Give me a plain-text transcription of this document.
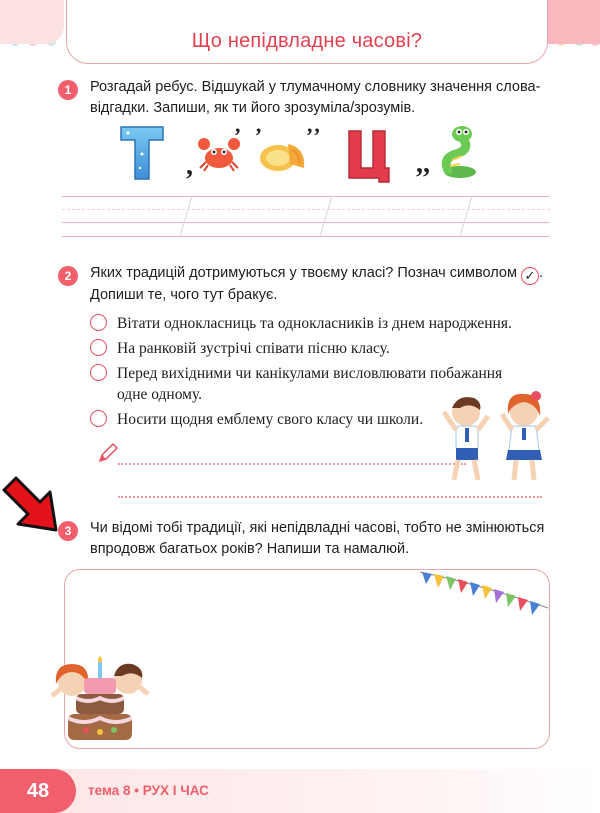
Що непідвладне часові?
1	Розгадай ребус. Відшукай у тлумачному словнику значення слова-
відгадки. Запиши, як ти його зрозуміла/зрозумів.
,
‚ ‚ ‚‚
,,
2	Яких традицій дотримуються у твоєму класі? Познач символом ✓ .
Допиши те, чого тут бракує.
Вітати однокласниць та однокласників із днем народження.
На ранковій зустрічі співати пісню класу.
Перед вихідними чи канікулами висловлювати побажання
одне одному.
Носити щодня емблему свого класу чи школи.
3	Чи відомі тобі традиції, які непідвладні часові, тобто не змінюються
впродовж багатьох років? Напиши та намалюй.
48	тема 8 • РУХ І ЧАС
